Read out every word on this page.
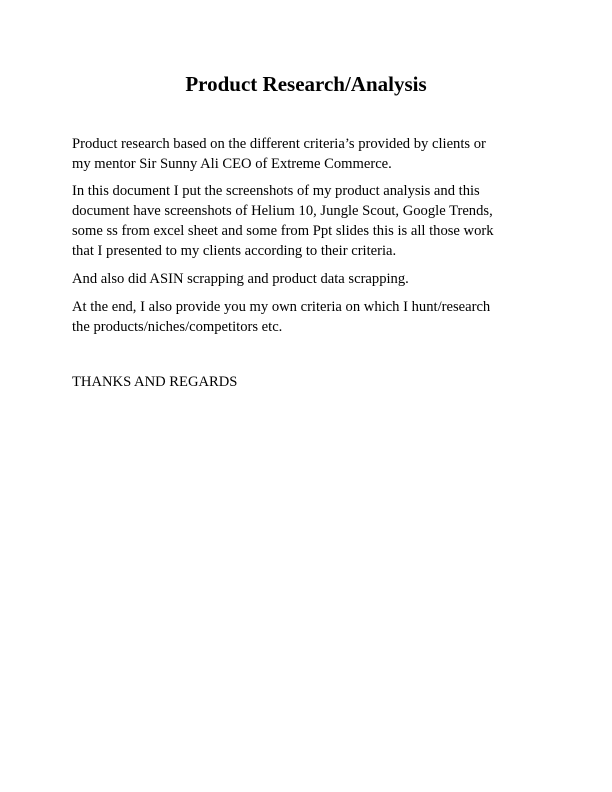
Product Research/Analysis
Product research based on the different criteria’s provided by clients or
my mentor Sir Sunny Ali CEO of Extreme Commerce.
In this document I put the screenshots of my product analysis and this
document have screenshots of Helium 10, Jungle Scout, Google Trends,
some ss from excel sheet and some from Ppt slides this is all those work
that I presented to my clients according to their criteria.
And also did ASIN scrapping and product data scrapping.
At the end, I also provide you my own criteria on which I hunt/research
the products/niches/competitors etc.
THANKS AND REGARDS
